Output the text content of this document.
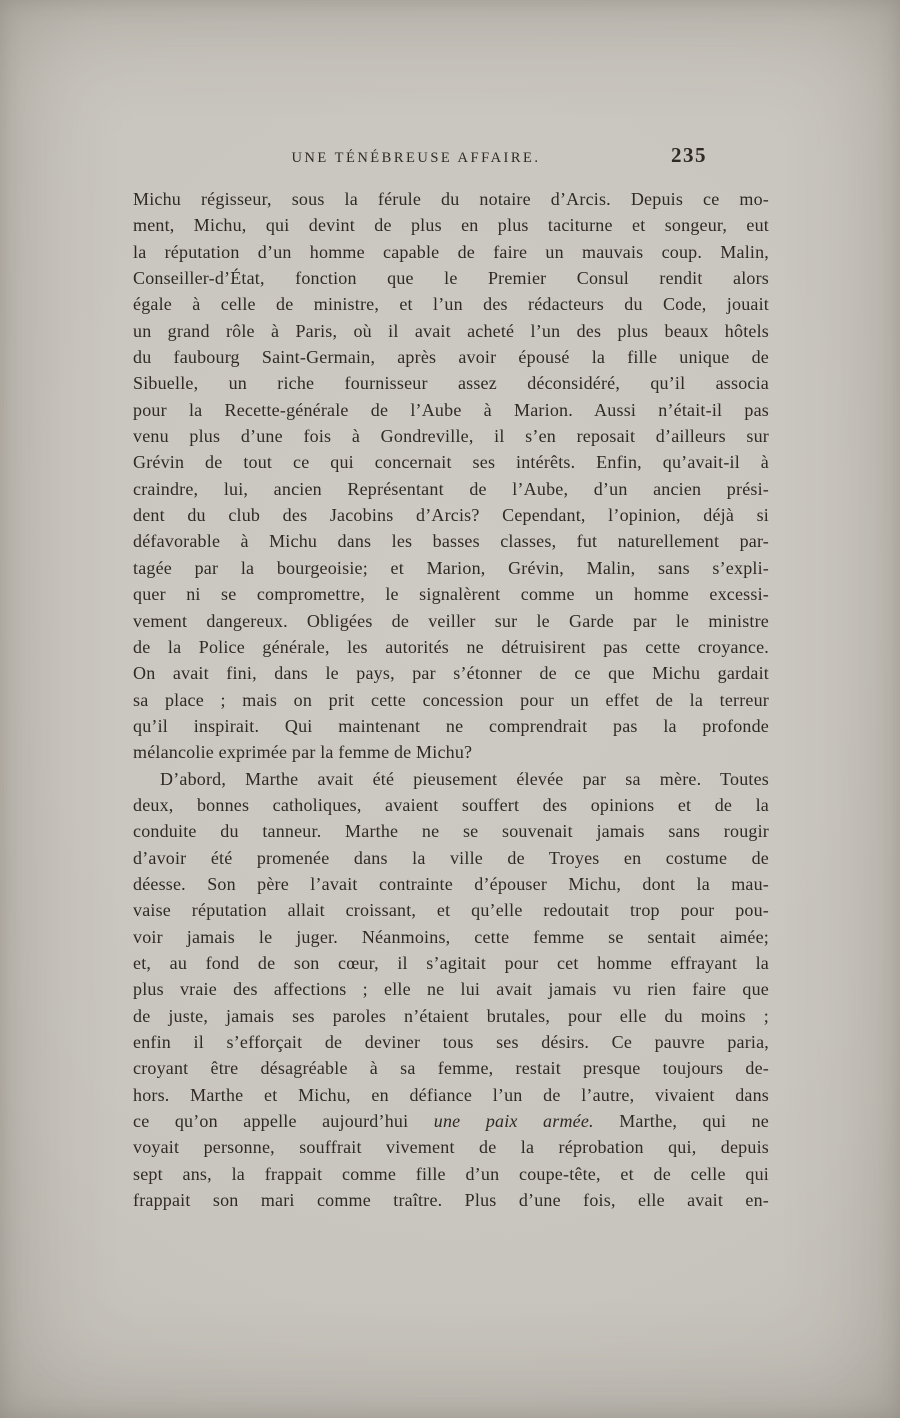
UNE TÉNÉBREUSE AFFAIRE.	235
Michu régisseur, sous la férule du notaire d’Arcis. Depuis ce mo-
ment, Michu, qui devint de plus en plus taciturne et songeur, eut
la réputation d’un homme capable de faire un mauvais coup. Malin,
Conseiller-d’État, fonction que le Premier Consul rendit alors
égale à celle de ministre, et l’un des rédacteurs du Code, jouait
un grand rôle à Paris, où il avait acheté l’un des plus beaux hôtels
du faubourg Saint-Germain, après avoir épousé la fille unique de
Sibuelle, un riche fournisseur assez déconsidéré, qu’il associa
pour la Recette-générale de l’Aube à Marion. Aussi n’était-il pas
venu plus d’une fois à Gondreville, il s’en reposait d’ailleurs sur
Grévin de tout ce qui concernait ses intérêts. Enfin, qu’avait-il à
craindre, lui, ancien Représentant de l’Aube, d’un ancien prési-
dent du club des Jacobins d’Arcis? Cependant, l’opinion, déjà si
défavorable à Michu dans les basses classes, fut naturellement par-
tagée par la bourgeoisie; et Marion, Grévin, Malin, sans s’expli-
quer ni se compromettre, le signalèrent comme un homme excessi-
vement dangereux. Obligées de veiller sur le Garde par le ministre
de la Police générale, les autorités ne détruisirent pas cette croyance.
On avait fini, dans le pays, par s’étonner de ce que Michu gardait
sa place ; mais on prit cette concession pour un effet de la terreur
qu’il inspirait. Qui maintenant ne comprendrait pas la profonde
mélancolie exprimée par la femme de Michu?
D’abord, Marthe avait été pieusement élevée par sa mère. Toutes
deux, bonnes catholiques, avaient souffert des opinions et de la
conduite du tanneur. Marthe ne se souvenait jamais sans rougir
d’avoir été promenée dans la ville de Troyes en costume de
déesse. Son père l’avait contrainte d’épouser Michu, dont la mau-
vaise réputation allait croissant, et qu’elle redoutait trop pour pou-
voir jamais le juger. Néanmoins, cette femme se sentait aimée;
et, au fond de son cœur, il s’agitait pour cet homme effrayant la
plus vraie des affections ; elle ne lui avait jamais vu rien faire que
de juste, jamais ses paroles n’étaient brutales, pour elle du moins ;
enfin il s’efforçait de deviner tous ses désirs. Ce pauvre paria,
croyant être désagréable à sa femme, restait presque toujours de-
hors. Marthe et Michu, en défiance l’un de l’autre, vivaient dans
ce qu’on appelle aujourd’hui une paix armée. Marthe, qui ne
voyait personne, souffrait vivement de la réprobation qui, depuis
sept ans, la frappait comme fille d’un coupe-tête, et de celle qui
frappait son mari comme traître. Plus d’une fois, elle avait en-
